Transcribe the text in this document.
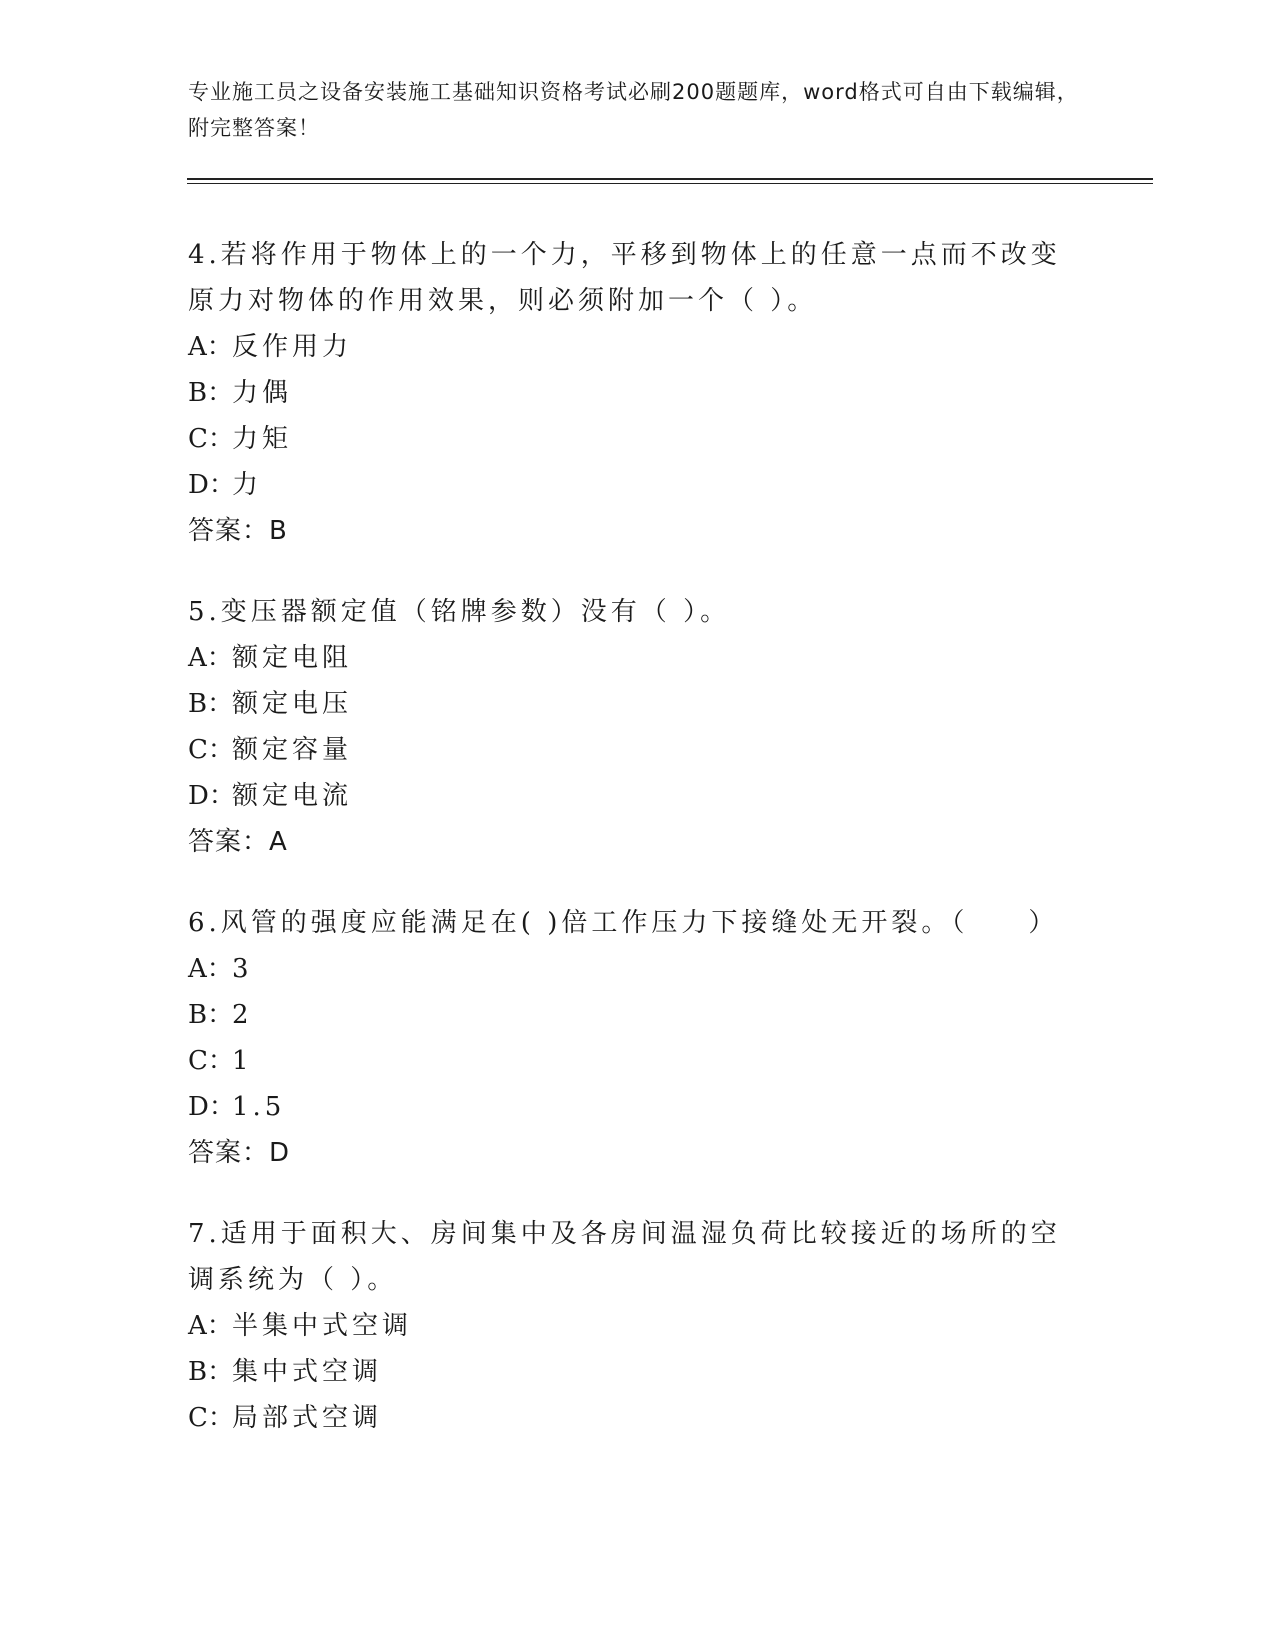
专业施工员之设备安装施工基础知识资格考试必刷200题题库，word格式可自由下载编辑，附完整答案！
4.若将作用于物体上的一个力，平移到物体上的任意一点而不改变原力对物体的作用效果，则必须附加一个（ ）。
A： 反作用力
B：
力偶
C：
力矩
D：
力
答案：B
5.变压器额定值（铭牌参数）没有（ ）。
A： 额定电阻
B：
额定电压
C：
额定容量
D：
额定电流
答案：A
6.风管的强度应能满足在( )倍工作压力下接缝处无开裂。（　　）
A： 3
B：
2
C：
1
D：
1.5
答案：D
7.适用于面积大、房间集中及各房间温湿负荷比较接近的场所的空调系统为（ ）。
A： 半集中式空调
B：
集中式空调
C：
局部式空调
